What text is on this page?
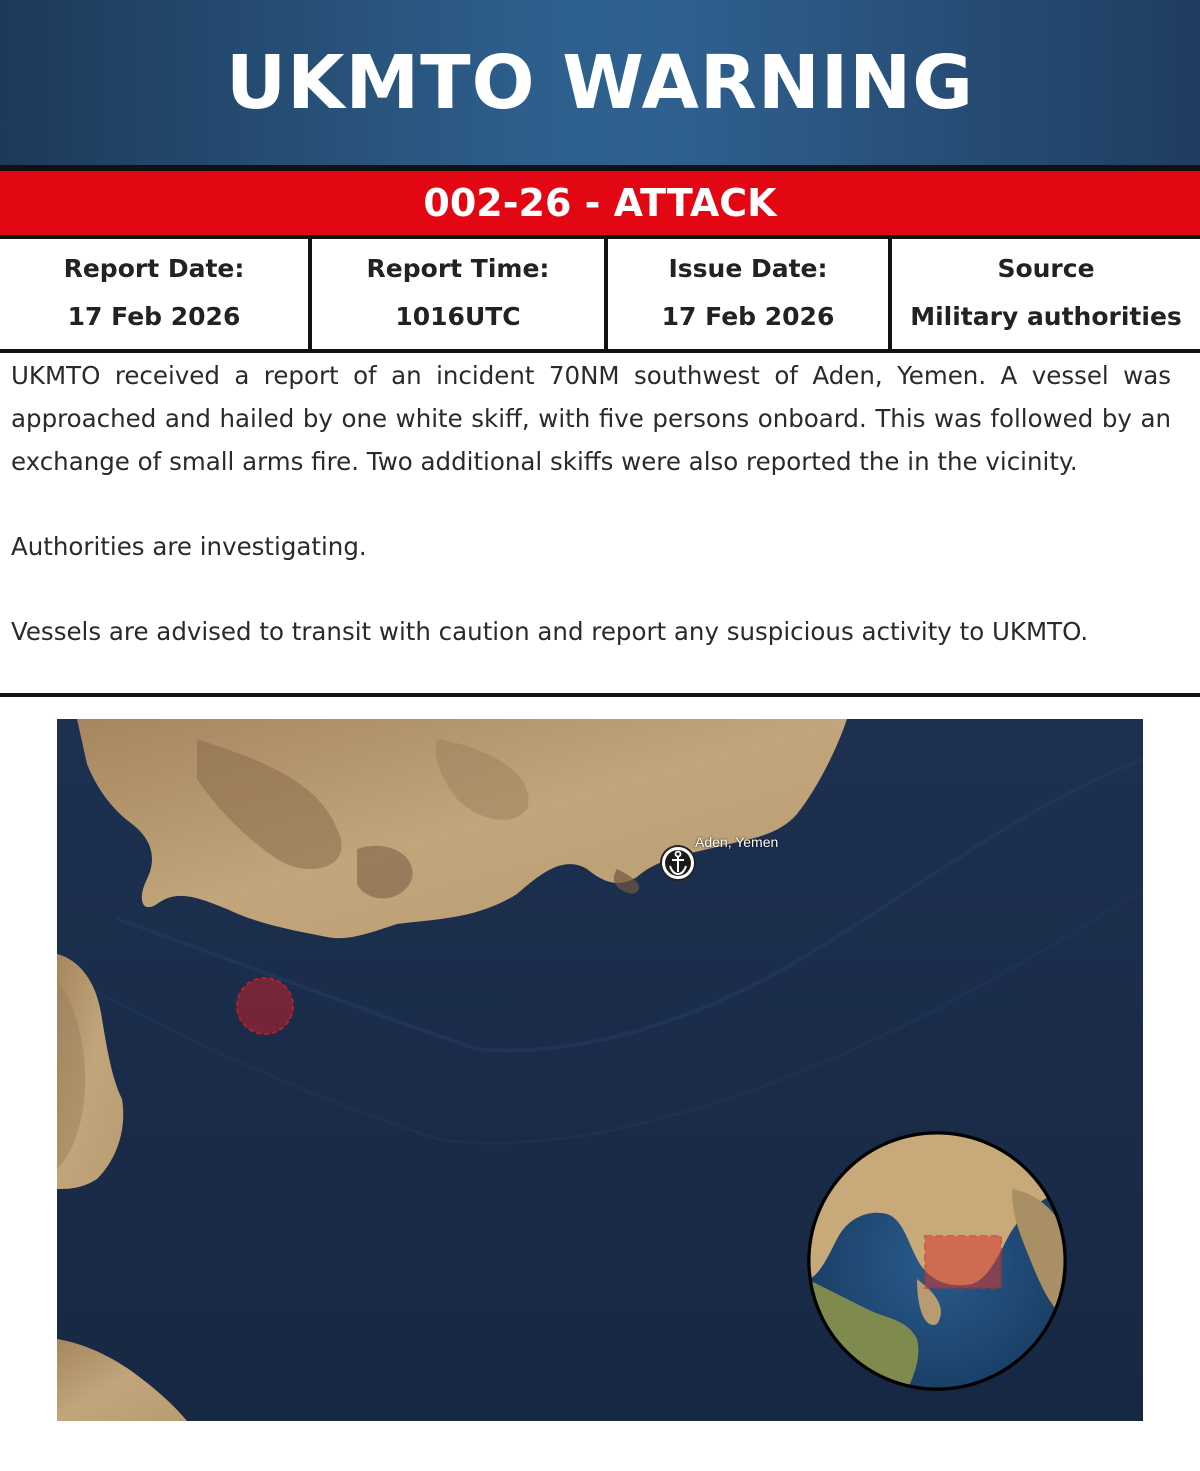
UKMTO WARNING
002-26 - ATTACK
Report Date:
17 Feb 2026
Report Time:
1016UTC
Issue Date:
17 Feb 2026
Source
Military authorities

UKMTO received a report of an incident 70NM southwest of Aden, Yemen. A vessel was approached and hailed by one white skiff, with five persons onboard. This was followed by an exchange of small arms fire. Two additional skiffs were also reported the in the vicinity.

Authorities are investigating.

Vessels are advised to transit with caution and report any suspicious activity to UKMTO.

Aden, Yemen
